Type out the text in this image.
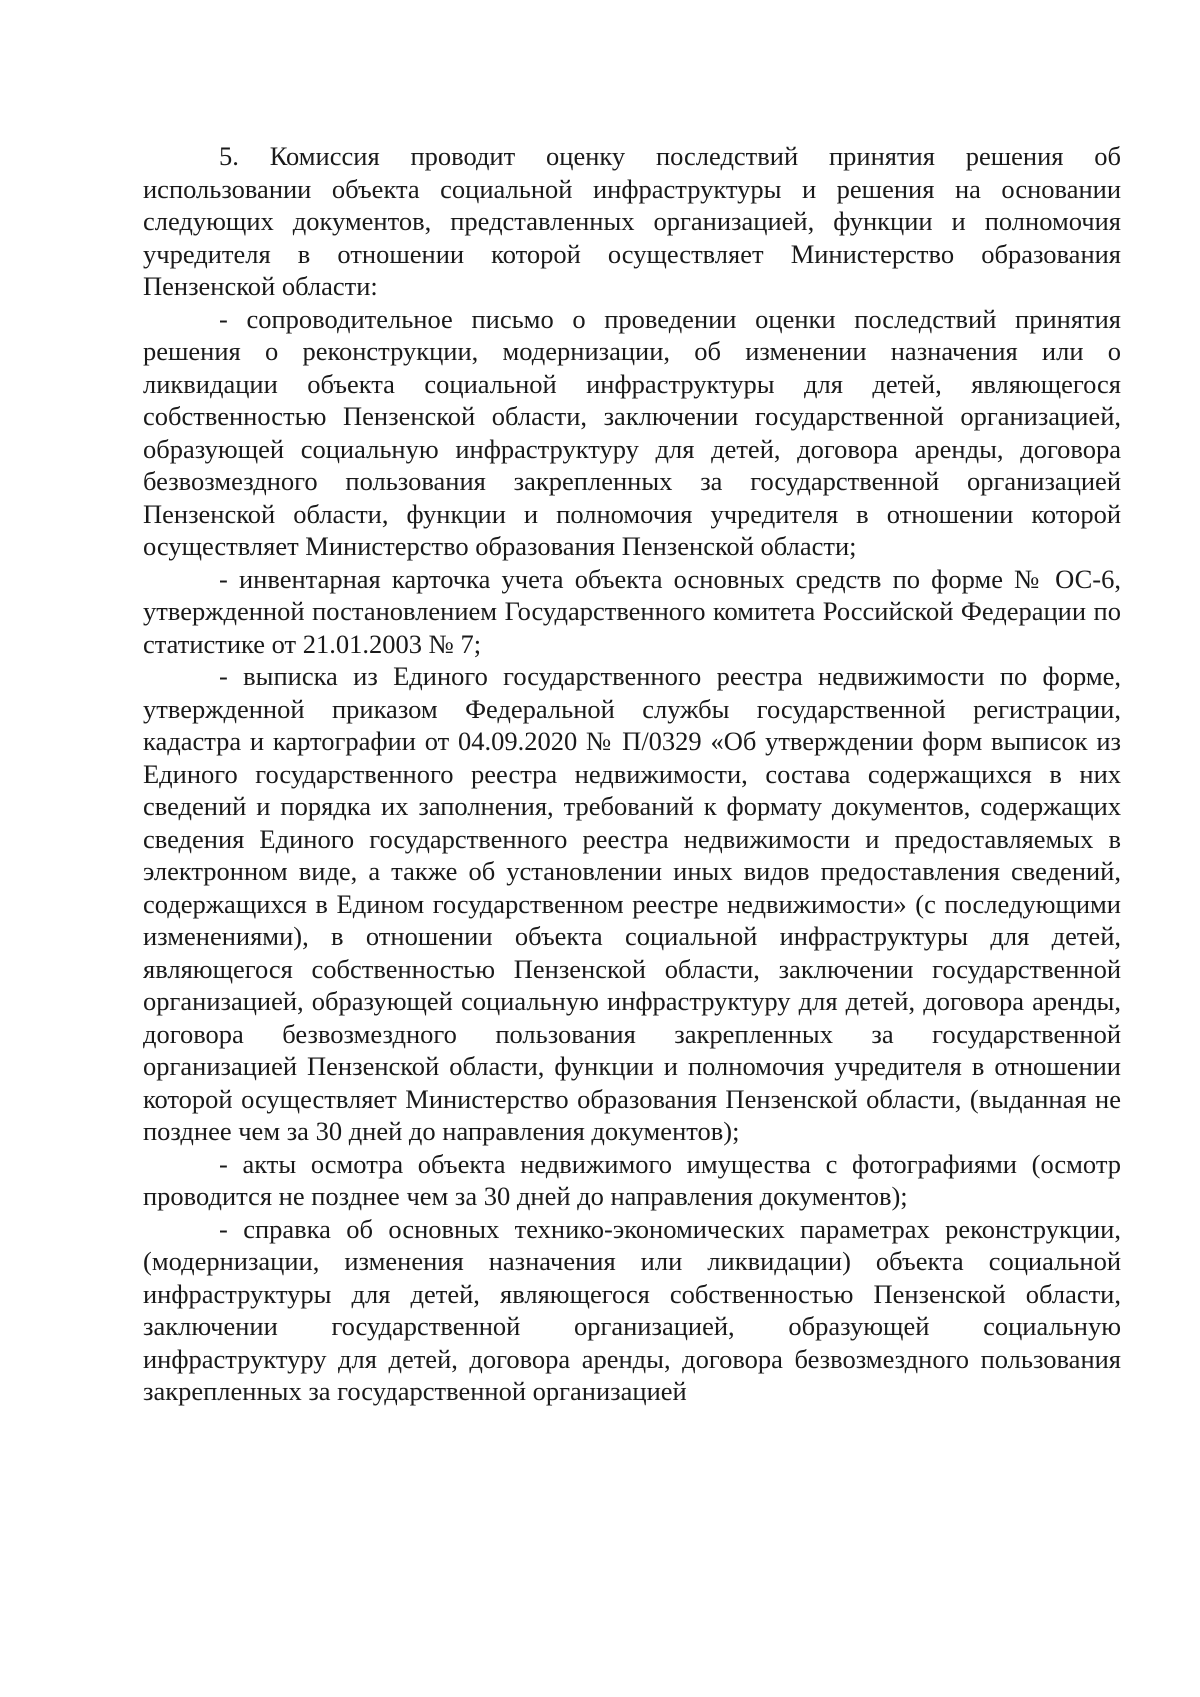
5. Комиссия проводит оценку последствий принятия решения об использовании объекта социальной инфраструктуры и решения на основании следующих документов, представленных организацией, функции и полномочия учредителя в отношении которой осуществляет Министерство образования Пензенской области:

- сопроводительное письмо о проведении оценки последствий принятия решения о реконструкции, модернизации, об изменении назначения или о ликвидации объекта социальной инфраструктуры для детей, являющегося собственностью Пензенской области, заключении государственной организацией, образующей социальную инфраструктуру для детей, договора аренды, договора безвозмездного пользования закрепленных за государственной организацией Пензенской области, функции и полномочия учредителя в отношении которой осуществляет Министерство образования Пензенской области;

- инвентарная карточка учета объекта основных средств по форме № ОС-6, утвержденной постановлением Государственного комитета Российской Федерации по статистике от 21.01.2003 № 7;

- выписка из Единого государственного реестра недвижимости по форме, утвержденной приказом Федеральной службы государственной регистрации, кадастра и картографии от 04.09.2020 № П/0329 «Об утверждении форм выписок из Единого государственного реестра недвижимости, состава содержащихся в них сведений и порядка их заполнения, требований к формату документов, содержащих сведения Единого государственного реестра недвижимости и предоставляемых в электронном виде, а также об установлении иных видов предоставления сведений, содержащихся в Едином государственном реестре недвижимости» (с последующими изменениями), в отношении объекта социальной инфраструктуры для детей, являющегося собственностью Пензенской области, заключении государственной организацией, образующей социальную инфраструктуру для детей, договора аренды, договора безвозмездного пользования закрепленных за государственной организацией Пензенской области, функции и полномочия учредителя в отношении которой осуществляет Министерство образования Пензенской области, (выданная не позднее чем за 30 дней до направления документов);

- акты осмотра объекта недвижимого имущества с фотографиями (осмотр проводится не позднее чем за 30 дней до направления документов);

- справка об основных технико-экономических параметрах реконструкции, (модернизации, изменения назначения или ликвидации) объекта социальной инфраструктуры для детей, являющегося собственностью Пензенской области, заключении государственной организацией, образующей социальную инфраструктуру для детей, договора аренды, договора безвозмездного пользования закрепленных за государственной организацией
